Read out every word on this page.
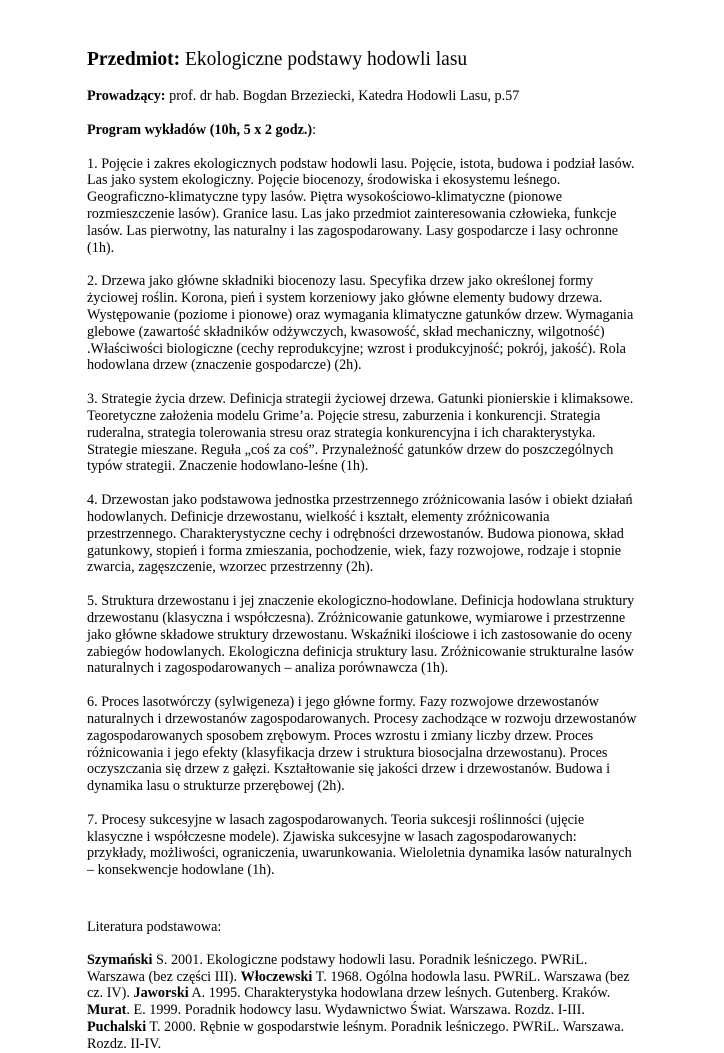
Przedmiot: Ekologiczne podstawy hodowli lasu
Prowadzący: prof. dr hab. Bogdan Brzeziecki, Katedra Hodowli Lasu, p.57
Program wykładów (10h, 5 x 2 godz.):

1. Pojęcie i zakres ekologicznych podstaw hodowli lasu. Pojęcie, istota, budowa i podział lasów. Las jako system ekologiczny. Pojęcie biocenozy, środowiska i ekosystemu leśnego. Geograficzno-klimatyczne typy lasów. Piętra wysokościowo-klimatyczne (pionowe rozmieszczenie lasów). Granice lasu. Las jako przedmiot zainteresowania człowieka, funkcje lasów. Las pierwotny, las naturalny i las zagospodarowany. Lasy gospodarcze i lasy ochronne (1h).

2. Drzewa jako główne składniki biocenozy lasu. Specyfika drzew jako określonej formy życiowej roślin. Korona, pień i system korzeniowy jako główne elementy budowy drzewa. Występowanie (poziome i pionowe) oraz wymagania klimatyczne gatunków drzew. Wymagania glebowe (zawartość składników odżywczych, kwasowość, skład mechaniczny, wilgotność) .Właściwości biologiczne (cechy reprodukcyjne; wzrost i produkcyjność; pokrój, jakość). Rola hodowlana drzew (znaczenie gospodarcze) (2h).

3. Strategie życia drzew. Definicja strategii życiowej drzewa. Gatunki pionierskie i klimaksowe. Teoretyczne założenia modelu Grime’a. Pojęcie stresu, zaburzenia i konkurencji. Strategia ruderalna, strategia tolerowania stresu oraz strategia konkurencyjna i ich charakterystyka. Strategie mieszane. Reguła „coś za coś”. Przynależność gatunków drzew do poszczególnych typów strategii. Znaczenie hodowlano-leśne (1h).

4. Drzewostan jako podstawowa jednostka przestrzennego zróżnicowania lasów i obiekt działań hodowlanych. Definicje drzewostanu, wielkość i kształt, elementy zróżnicowania przestrzennego. Charakterystyczne cechy i odrębności drzewostanów. Budowa pionowa, skład gatunkowy, stopień i forma zmieszania, pochodzenie, wiek, fazy rozwojowe, rodzaje i stopnie zwarcia, zagęszczenie, wzorzec przestrzenny (2h).

5. Struktura drzewostanu i jej znaczenie ekologiczno-hodowlane. Definicja hodowlana struktury drzewostanu (klasyczna i współczesna). Zróżnicowanie gatunkowe, wymiarowe i przestrzenne jako główne składowe struktury drzewostanu. Wskaźniki ilościowe i ich zastosowanie do oceny zabiegów hodowlanych. Ekologiczna definicja struktury lasu. Zróżnicowanie strukturalne lasów naturalnych i zagospodarowanych – analiza porównawcza (1h).

6. Proces lasotwórczy (sylwigeneza) i jego główne formy. Fazy rozwojowe drzewostanów naturalnych i drzewostanów zagospodarowanych. Procesy zachodzące w rozwoju drzewostanów zagospodarowanych sposobem zrębowym. Proces wzrostu i zmiany liczby drzew. Proces różnicowania i jego efekty (klasyfikacja drzew i struktura biosocjalna drzewostanu). Proces oczyszczania się drzew z gałęzi. Kształtowanie się jakości drzew i drzewostanów. Budowa i dynamika lasu o strukturze przerębowej (2h).

7. Procesy sukcesyjne w lasach zagospodarowanych. Teoria sukcesji roślinności (ujęcie klasyczne i współczesne modele). Zjawiska sukcesyjne w lasach zagospodarowanych: przykłady, możliwości, ograniczenia, uwarunkowania. Wieloletnia dynamika lasów naturalnych – konsekwencje hodowlane (1h).

Literatura podstawowa:

Szymański S. 2001. Ekologiczne podstawy hodowli lasu. Poradnik leśniczego. PWRiL. Warszawa (bez części III). Włoczewski T. 1968. Ogólna hodowla lasu. PWRiL. Warszawa (bez cz. IV). Jaworski A. 1995. Charakterystyka hodowlana drzew leśnych. Gutenberg. Kraków. Murat. E. 1999. Poradnik hodowcy lasu. Wydawnictwo Świat. Warszawa. Rozdz. I-III. Puchalski T. 2000. Rębnie w gospodarstwie leśnym. Poradnik leśniczego. PWRiL. Warszawa. Rozdz. II-IV.
